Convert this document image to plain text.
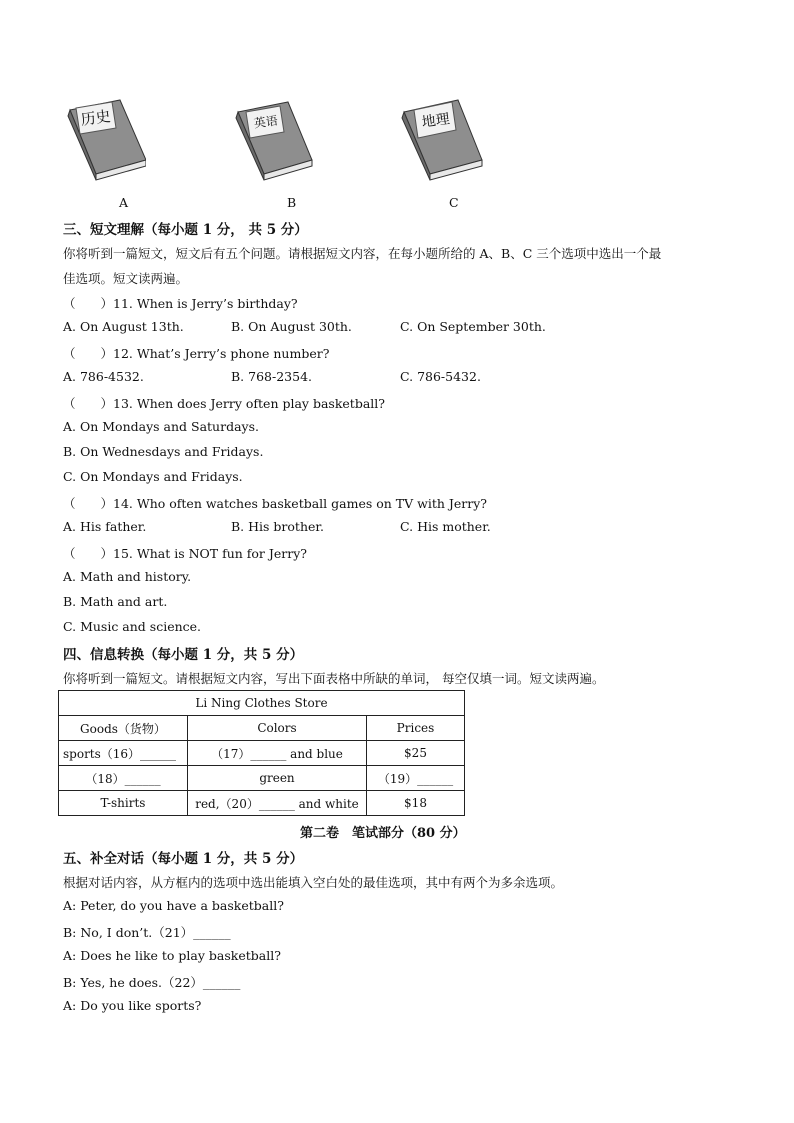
历史
A
英语
B
地理
C
三、短文理解（每小题 1 分， 共 5 分）
你将听到一篇短文，短文后有五个问题。请根据短文内容，在每小题所给的 A、B、C 三个选项中选出一个最
佳选项。短文读两遍。
（　　）11. When is Jerry’s birthday?
A. On August 13th.	B. On August 30th.	C. On September 30th.
（　　）12. What’s Jerry’s phone number?
A. 786-4532.	B. 768-2354.	C. 786-5432.
（　　）13. When does Jerry often play basketball?
A. On Mondays and Saturdays.
B. On Wednesdays and Fridays.
C. On Mondays and Fridays.
（　　）14. Who often watches basketball games on TV with Jerry?
A. His father.	B. His brother.	C. His mother.
（　　）15. What is NOT fun for Jerry?
A. Math and history.
B. Math and art.
C. Music and science.
四、信息转换（每小题 1 分，共 5 分）
你将听到一篇短文。请根据短文内容，写出下面表格中所缺的单词， 每空仅填一词。短文读两遍。
Li Ning Clothes Store		
Goods（货物）	Colors	Prices
sports（16）______	（17）______ and blue	$25
（18）______	green	（19）______
T-shirts	red,（20）______ and white	$18
第二卷　笔试部分（80 分）
五、补全对话（每小题 1 分，共 5 分）
根据对话内容，从方框内的选项中选出能填入空白处的最佳选项，其中有两个为多余选项。
A: Peter, do you have a basketball?
B: No, I don’t.（21）______
A: Does he like to play basketball?
B: Yes, he does.（22）______
A: Do you like sports?
